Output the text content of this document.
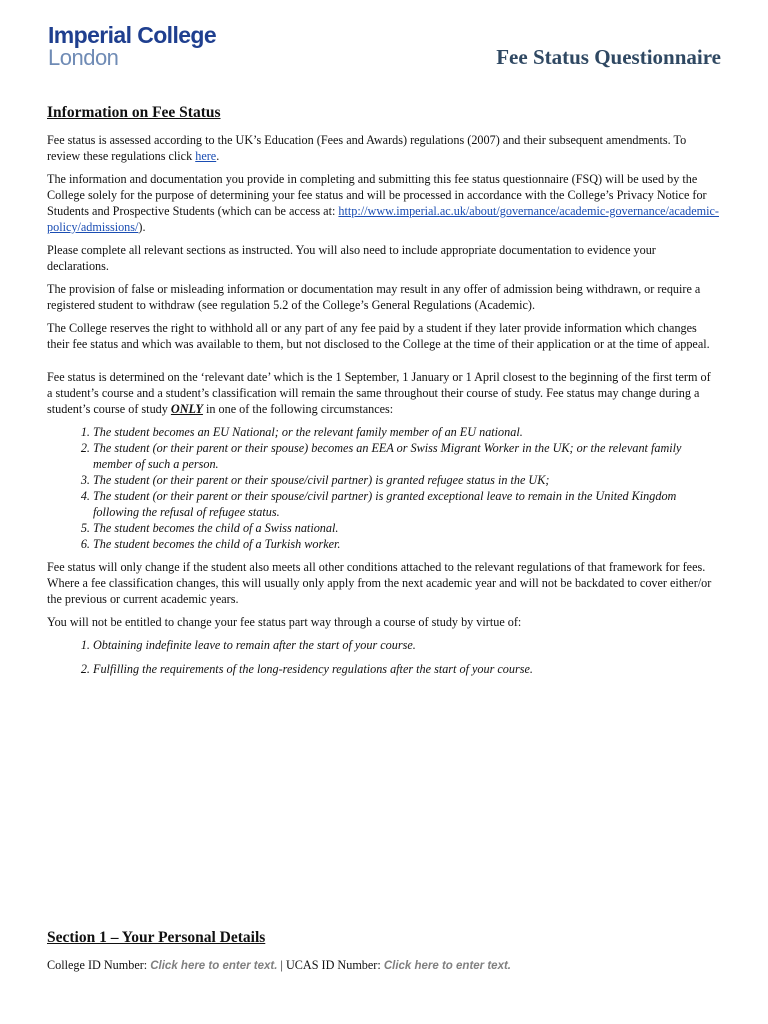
Imperial College
London	Fee Status Questionnaire
Information on Fee Status

Fee status is assessed according to the UK’s Education (Fees and Awards) regulations (2007) and their subsequent amendments. To review these regulations click here.

The information and documentation you provide in completing and submitting this fee status questionnaire (FSQ) will be used by the College solely for the purpose of determining your fee status and will be processed in accordance with the College’s Privacy Notice for Students and Prospective Students (which can be access at: http://www.imperial.ac.uk/about/governance/academic-governance/academic-policy/admissions/).

Please complete all relevant sections as instructed. You will also need to include appropriate documentation to evidence your declarations.

The provision of false or misleading information or documentation may result in any offer of admission being withdrawn, or require a registered student to withdraw (see regulation 5.2 of the College’s General Regulations (Academic).

The College reserves the right to withhold all or any part of any fee paid by a student if they later provide information which changes their fee status and which was available to them, but not disclosed to the College at the time of their application or at the time of appeal.

Fee status is determined on the ‘relevant date’ which is the 1 September, 1 January or 1 April closest to the beginning of the first term of a student’s course and a student’s classification will remain the same throughout their course of study. Fee status may change during a student’s course of study ONLY in one of the following circumstances:

1. The student becomes an EU National; or the relevant family member of an EU national.
2. The student (or their parent or their spouse) becomes an EEA or Swiss Migrant Worker in the UK; or the relevant family member of such a person.
3. The student (or their parent or their spouse/civil partner) is granted refugee status in the UK;
4. The student (or their parent or their spouse/civil partner) is granted exceptional leave to remain in the United Kingdom following the refusal of refugee status.
5. The student becomes the child of a Swiss national.
6. The student becomes the child of a Turkish worker.

Fee status will only change if the student also meets all other conditions attached to the relevant regulations of that framework for fees. Where a fee classification changes, this will usually only apply from the next academic year and will not be backdated to cover either/or the previous or current academic years.

You will not be entitled to change your fee status part way through a course of study by virtue of:

1. Obtaining indefinite leave to remain after the start of your course.
2. Fulfilling the requirements of the long-residency regulations after the start of your course.
Section 1 – Your Personal Details
College ID Number: Click here to enter text. | UCAS ID Number: Click here to enter text.
